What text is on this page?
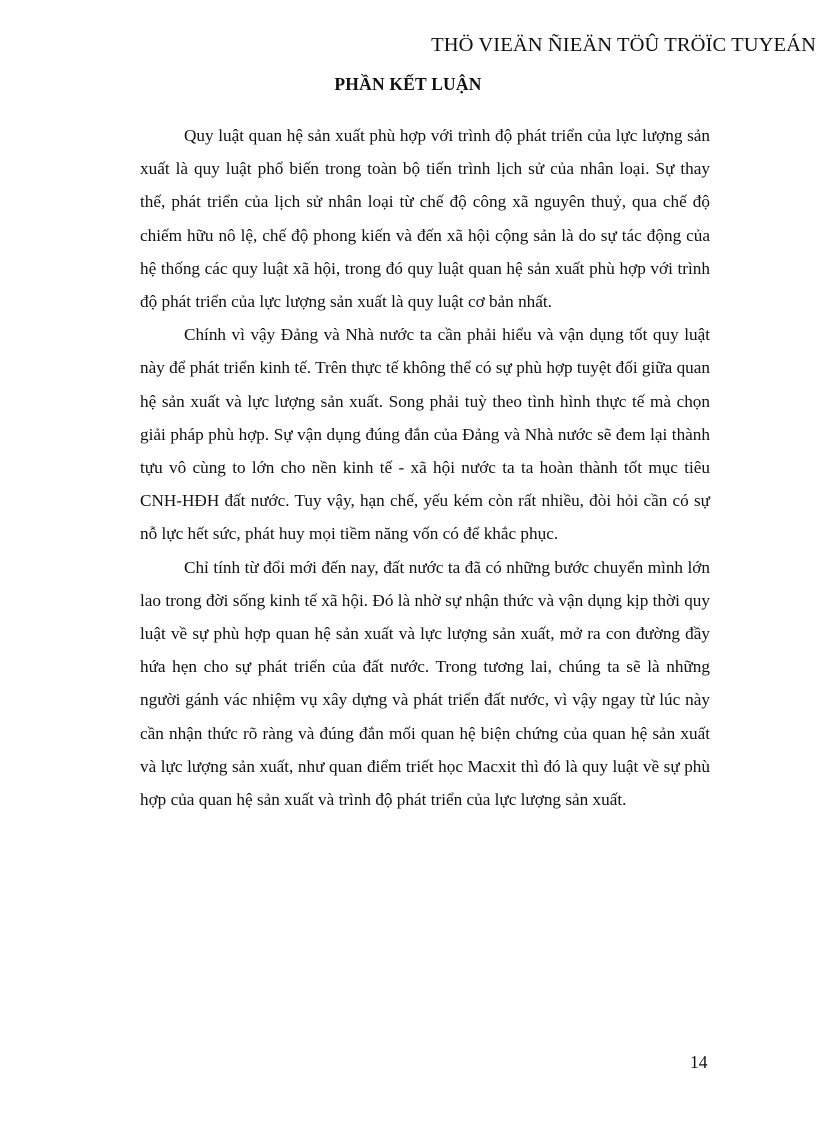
THÖ VIEÄN ÑIEÄN TÖÛ TRÖÏC TUYEÁN
PHẦN KẾT LUẬN

Quy luật quan hệ sản xuất phù hợp với trình độ phát triển của lực lượng sản xuất là quy luật phổ biến trong toàn bộ tiến trình lịch sử của nhân loại. Sự thay thế, phát triển của lịch sử nhân loại từ chế độ công xã nguyên thuỷ, qua chế độ chiếm hữu nô lệ, chế độ phong kiến và đến xã hội cộng sản là do sự tác động của hệ thống các quy luật xã hội, trong đó quy luật quan hệ sản xuất phù hợp với trình độ phát triển của lực lượng sản xuất là quy luật cơ bản nhất.

Chính vì vậy Đảng và Nhà nước ta cần phải hiểu và vận dụng tốt quy luật này để phát triển kinh tế. Trên thực tế không thể có sự phù hợp tuyệt đối giữa quan hệ sản xuất và lực lượng sản xuất. Song phải tuỳ theo tình hình thực tế mà chọn giải pháp phù hợp. Sự vận dụng đúng đắn của Đảng và Nhà nước sẽ đem lại thành tựu vô cùng to lớn cho nền kinh tế - xã hội nước ta ta hoàn thành tốt mục tiêu CNH-HĐH đất nước. Tuy vậy, hạn chế, yếu kém còn rất nhiều, đòi hỏi cần có sự nỗ lực hết sức, phát huy mọi tiềm năng vốn có để khắc phục.

Chỉ tính từ đổi mới đến nay, đất nước ta đã có những bước chuyển mình lớn lao trong đời sống kinh tế xã hội. Đó là nhờ sự nhận thức và vận dụng kịp thời quy luật về sự phù hợp quan hệ sản xuất và lực lượng sản xuất, mở ra con đường đầy hứa hẹn cho sự phát triển của đất nước. Trong tương lai, chúng ta sẽ là những người gánh vác nhiệm vụ xây dựng và phát triển đất nước, vì vậy ngay từ lúc này cần nhận thức rõ ràng và đúng đắn mối quan hệ biện chứng của quan hệ sản xuất và lực lượng sản xuất, như quan điểm triết học Macxit thì đó là quy luật về sự phù hợp của quan hệ sản xuất và trình độ phát triển của lực lượng sản xuất.

14
